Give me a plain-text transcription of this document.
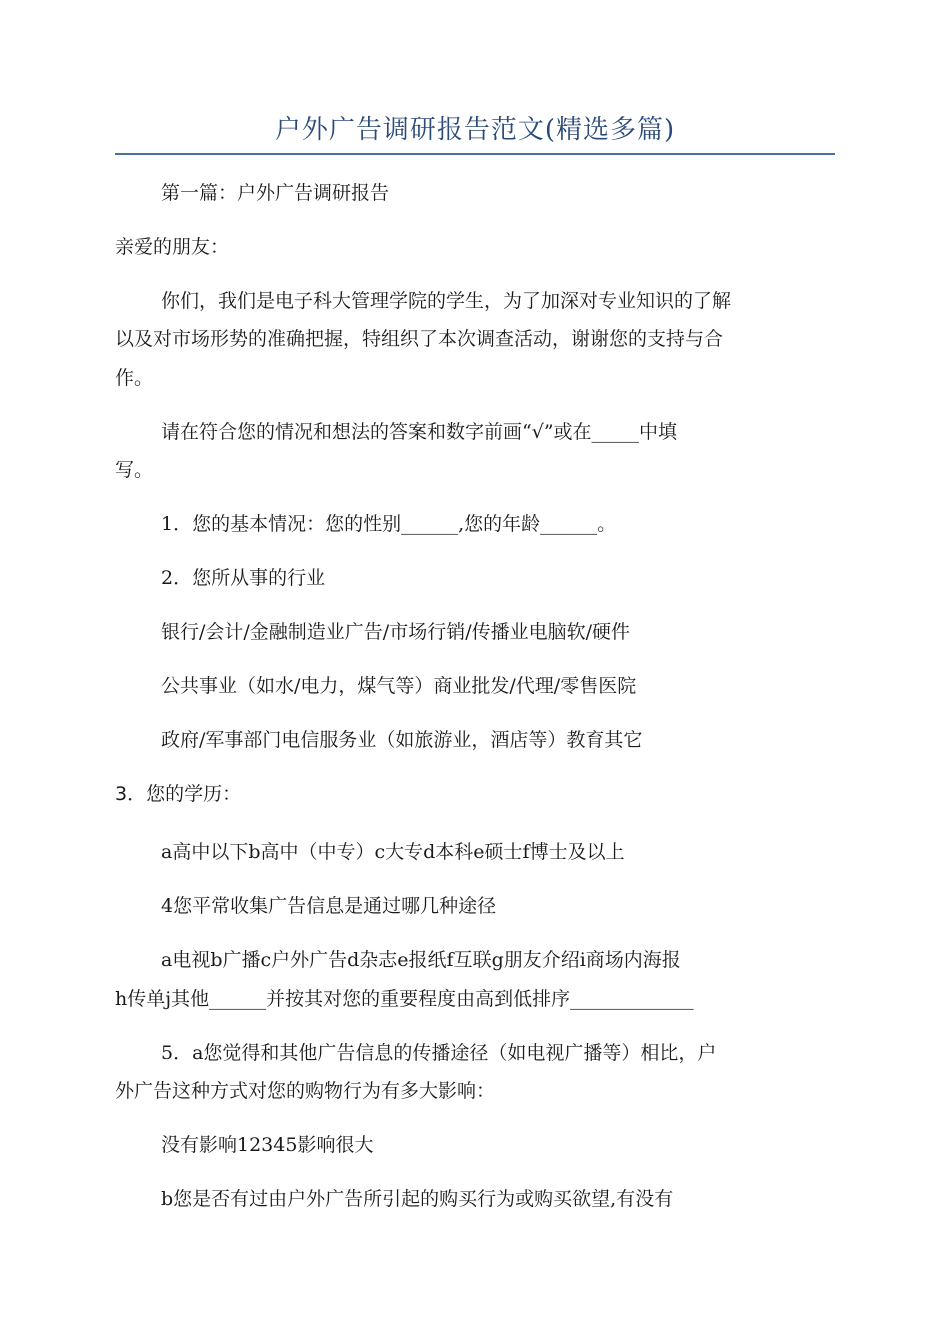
户外广告调研报告范文(精选多篇)
第一篇：户外广告调研报告
亲爱的朋友：
你们，我们是电子科大管理学院的学生，为了加深对专业知识的了解
以及对市场形势的准确把握，特组织了本次调查活动，谢谢您的支持与合
作。
请在符合您的情况和想法的答案和数字前画“√”或在_____中填
写。
1．您的基本情况：您的性别______,您的年龄______。
2．您所从事的行业
银行/会计/金融制造业广告/市场行销/传播业电脑软/硬件
公共事业（如水/电力，煤气等）商业批发/代理/零售医院
政府/军事部门电信服务业（如旅游业，酒店等）教育其它
3．您的学历：
a高中以下b高中（中专）c大专d本科e硕士f博士及以上
4您平常收集广告信息是通过哪几种途径
a电视b广播c户外广告d杂志e报纸f互联g朋友介绍i商场内海报
h传单j其他______并按其对您的重要程度由高到低排序_____________
5．a您觉得和其他广告信息的传播途径（如电视广播等）相比，户
外广告这种方式对您的购物行为有多大影响：
没有影响12345影响很大
b您是否有过由户外广告所引起的购买行为或购买欲望,有没有
